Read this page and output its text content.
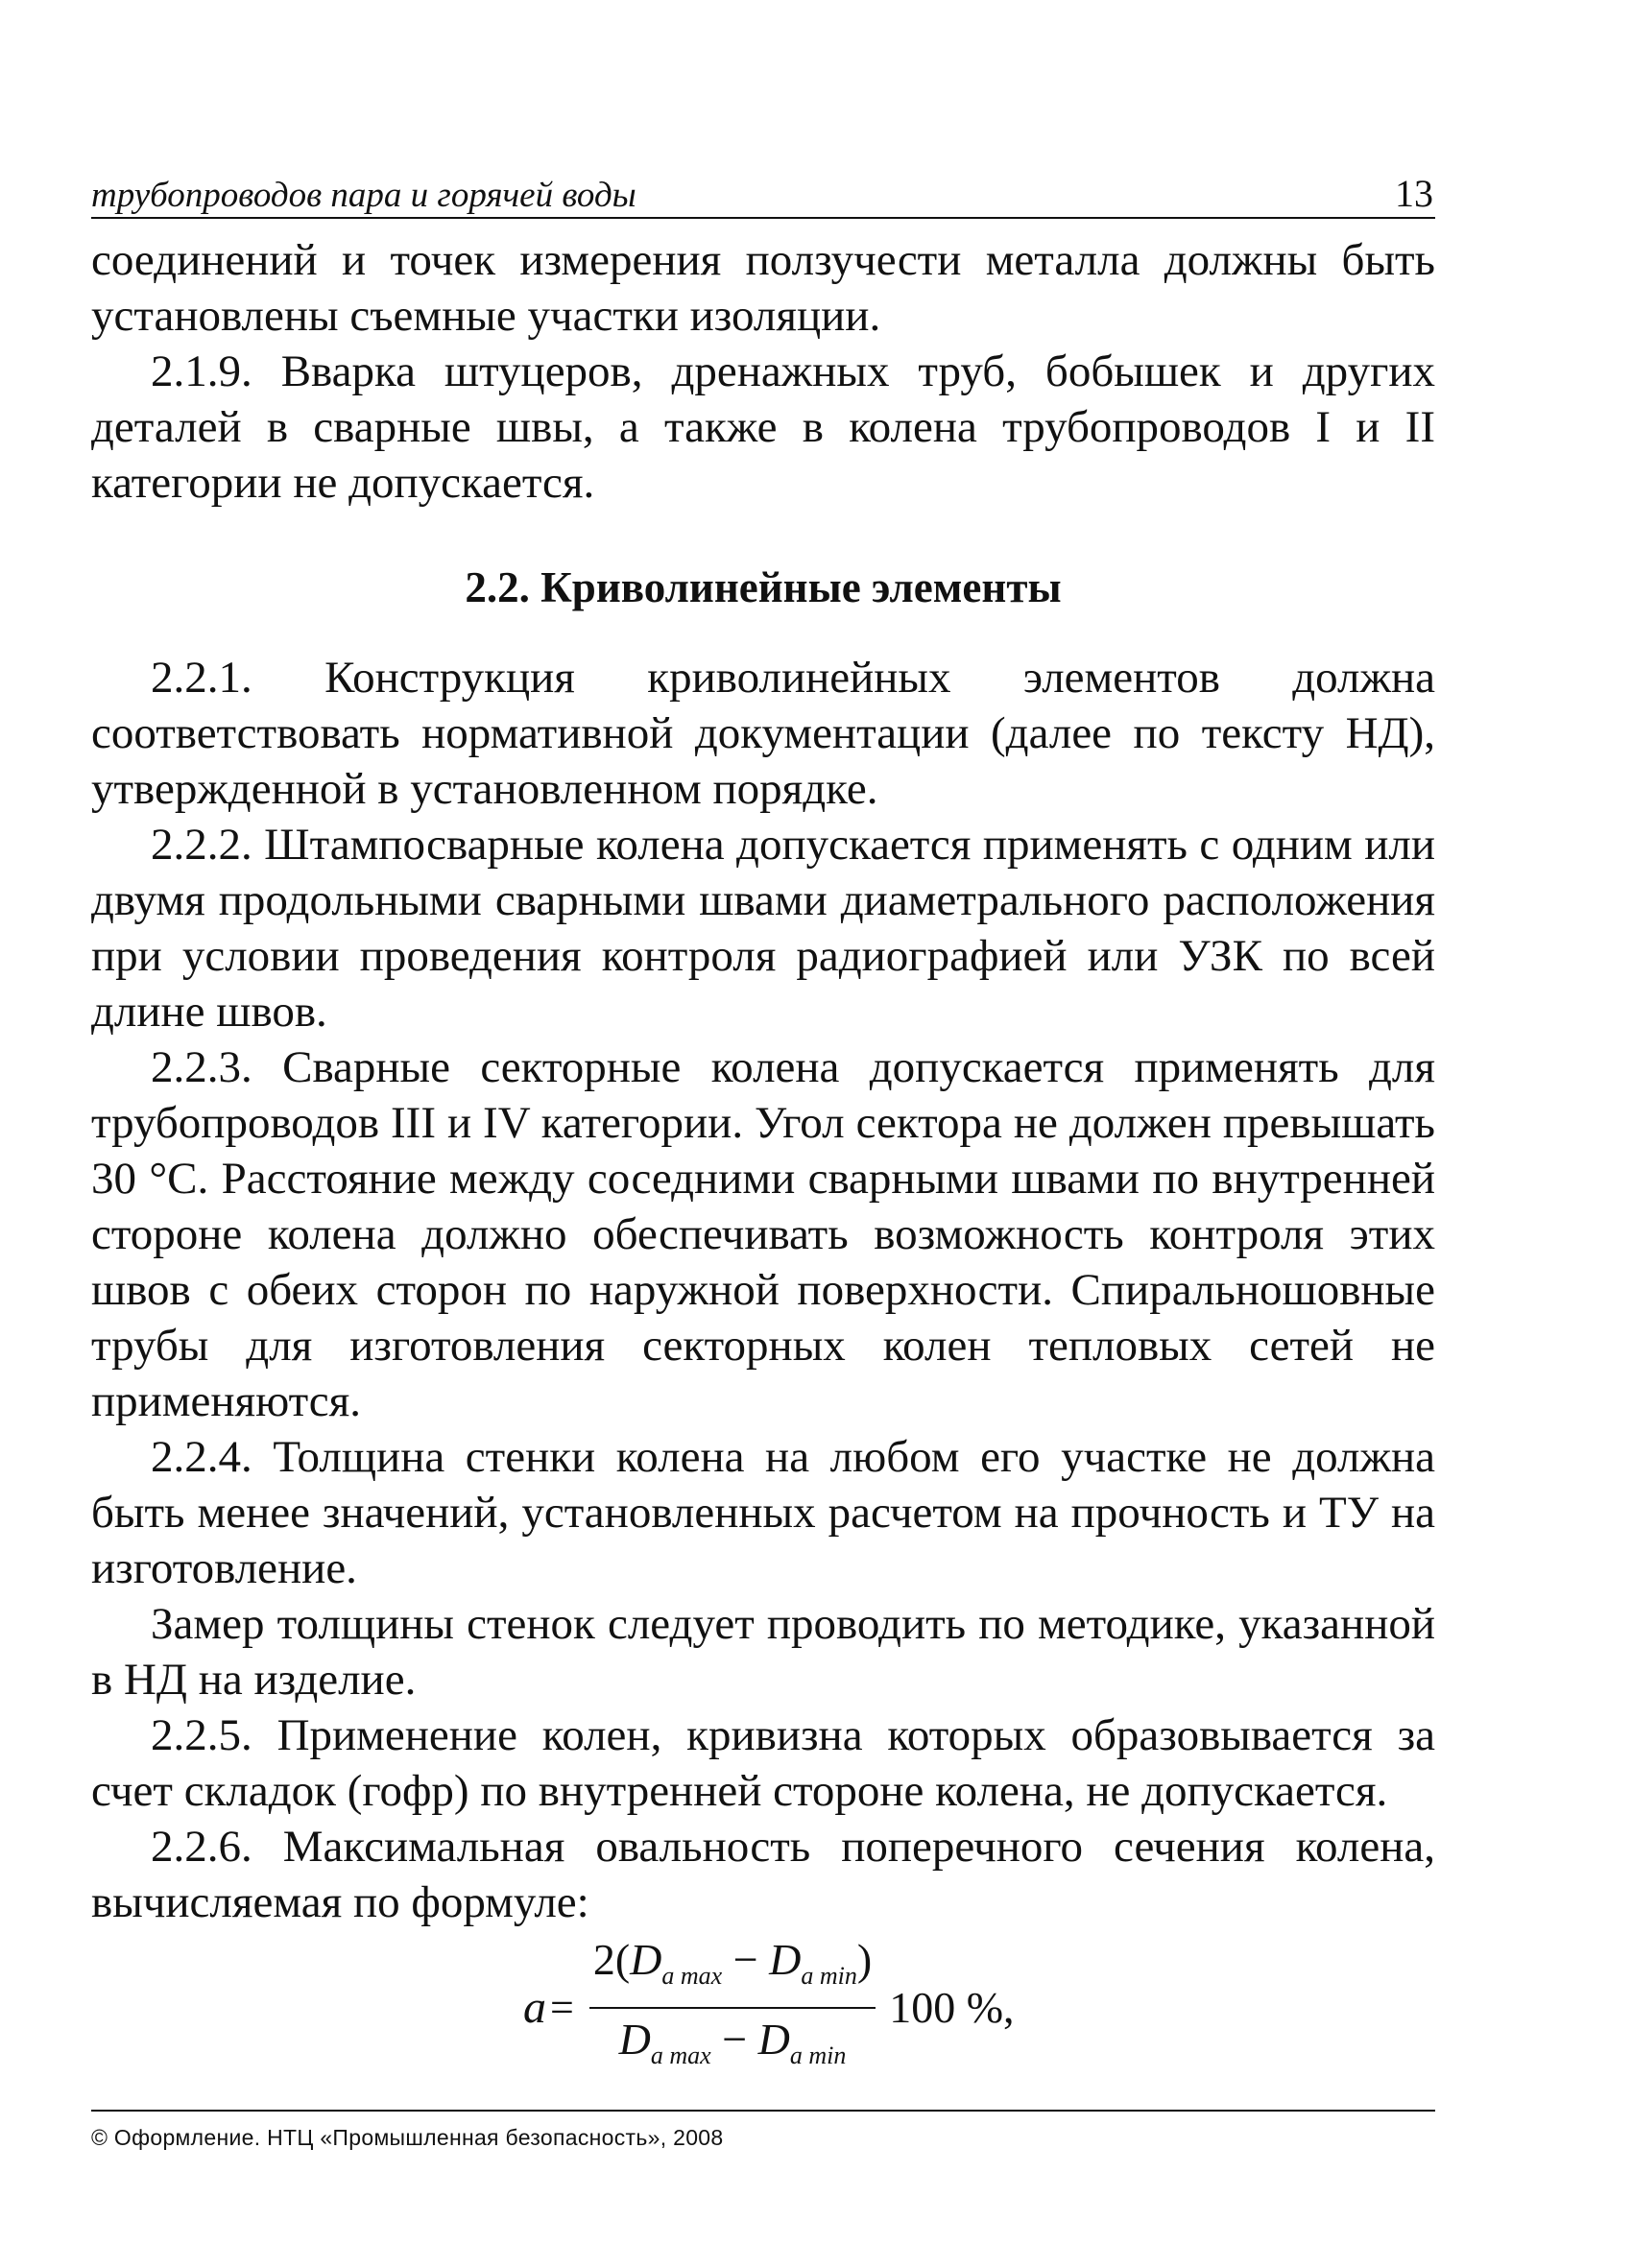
трубопроводов пара и горячей воды	13

соединений и точек измерения ползучести металла должны быть установлены съемные участки изоляции.

2.1.9. Вварка штуцеров, дренажных труб, бобышек и других деталей в сварные швы, а также в колена трубопроводов I и II категории не допускается.

2.2. Криволинейные элементы

2.2.1. Конструкция криволинейных элементов должна соответствовать нормативной документации (далее по тексту НД), утвержденной в установленном порядке.

2.2.2. Штампосварные колена допускается применять с одним или двумя продольными сварными швами диаметрального расположения при условии проведения контроля радиографией или УЗК по всей длине швов.

2.2.3. Сварные секторные колена допускается применять для трубопроводов III и IV категории. Угол сектора не должен превышать 30 °С. Расстояние между соседними сварными швами по внутренней стороне колена должно обеспечивать возможность контроля этих швов с обеих сторон по наружной поверхности. Спиральношовные трубы для изготовления секторных колен тепловых сетей не применяются.

2.2.4. Толщина стенки колена на любом его участке не должна быть менее значений, установленных расчетом на прочность и ТУ на изготовление.

Замер толщины стенок следует проводить по методике, указанной в НД на изделие.

2.2.5. Применение колен, кривизна которых образовывается за счет складок (гофр) по внутренней стороне колена, не допускается.

2.2.6. Максимальная овальность поперечного сечения колена, вычисляемая по формуле:

$a = \frac{2(D_{a max} - D_{a min})}{D_{a max} - D_{a min}} 100$ %,
© Оформление. НТЦ «Промышленная безопасность», 2008
